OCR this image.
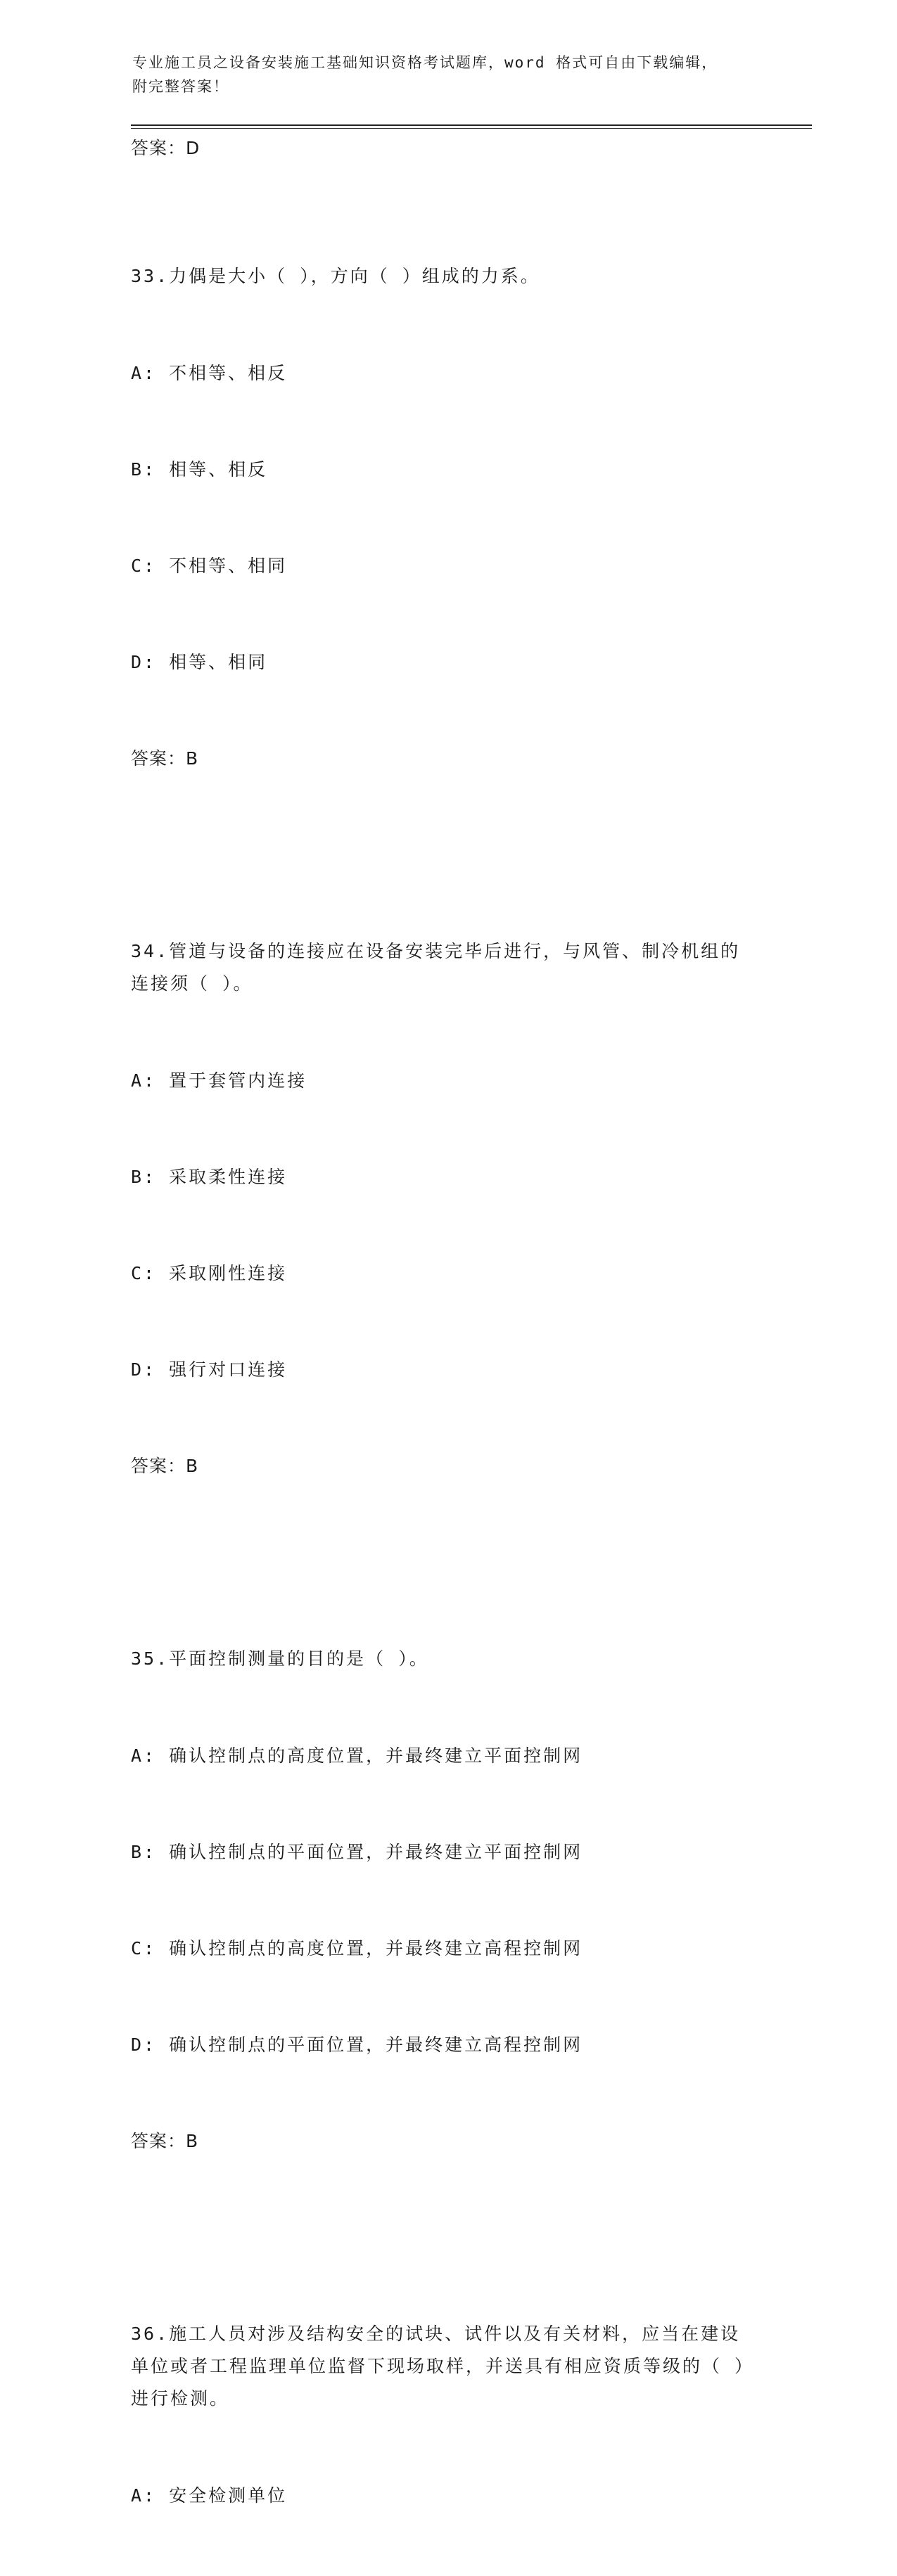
专业施工员之设备安装施工基础知识资格考试题库，word 格式可自由下载编辑，
附完整答案！
答案：D

33.力偶是大小（ ），方向（ ）组成的力系。

A: 不相等、相反

B: 相等、相反

C: 不相等、相同

D: 相等、相同

答案：B

34.管道与设备的连接应在设备安装完毕后进行，与风管、制冷机组的连接须（ ）。

A: 置于套管内连接

B: 采取柔性连接

C: 采取刚性连接

D: 强行对口连接

答案：B

35.平面控制测量的目的是（ ）。

A: 确认控制点的高度位置，并最终建立平面控制网

B: 确认控制点的平面位置，并最终建立平面控制网

C: 确认控制点的高度位置，并最终建立高程控制网

D: 确认控制点的平面位置，并最终建立高程控制网

答案：B

36.施工人员对涉及结构安全的试块、试件以及有关材料，应当在建设单位或者工程监理单位监督下现场取样，并送具有相应资质等级的（ ）进行检测。

A: 安全检测单位
